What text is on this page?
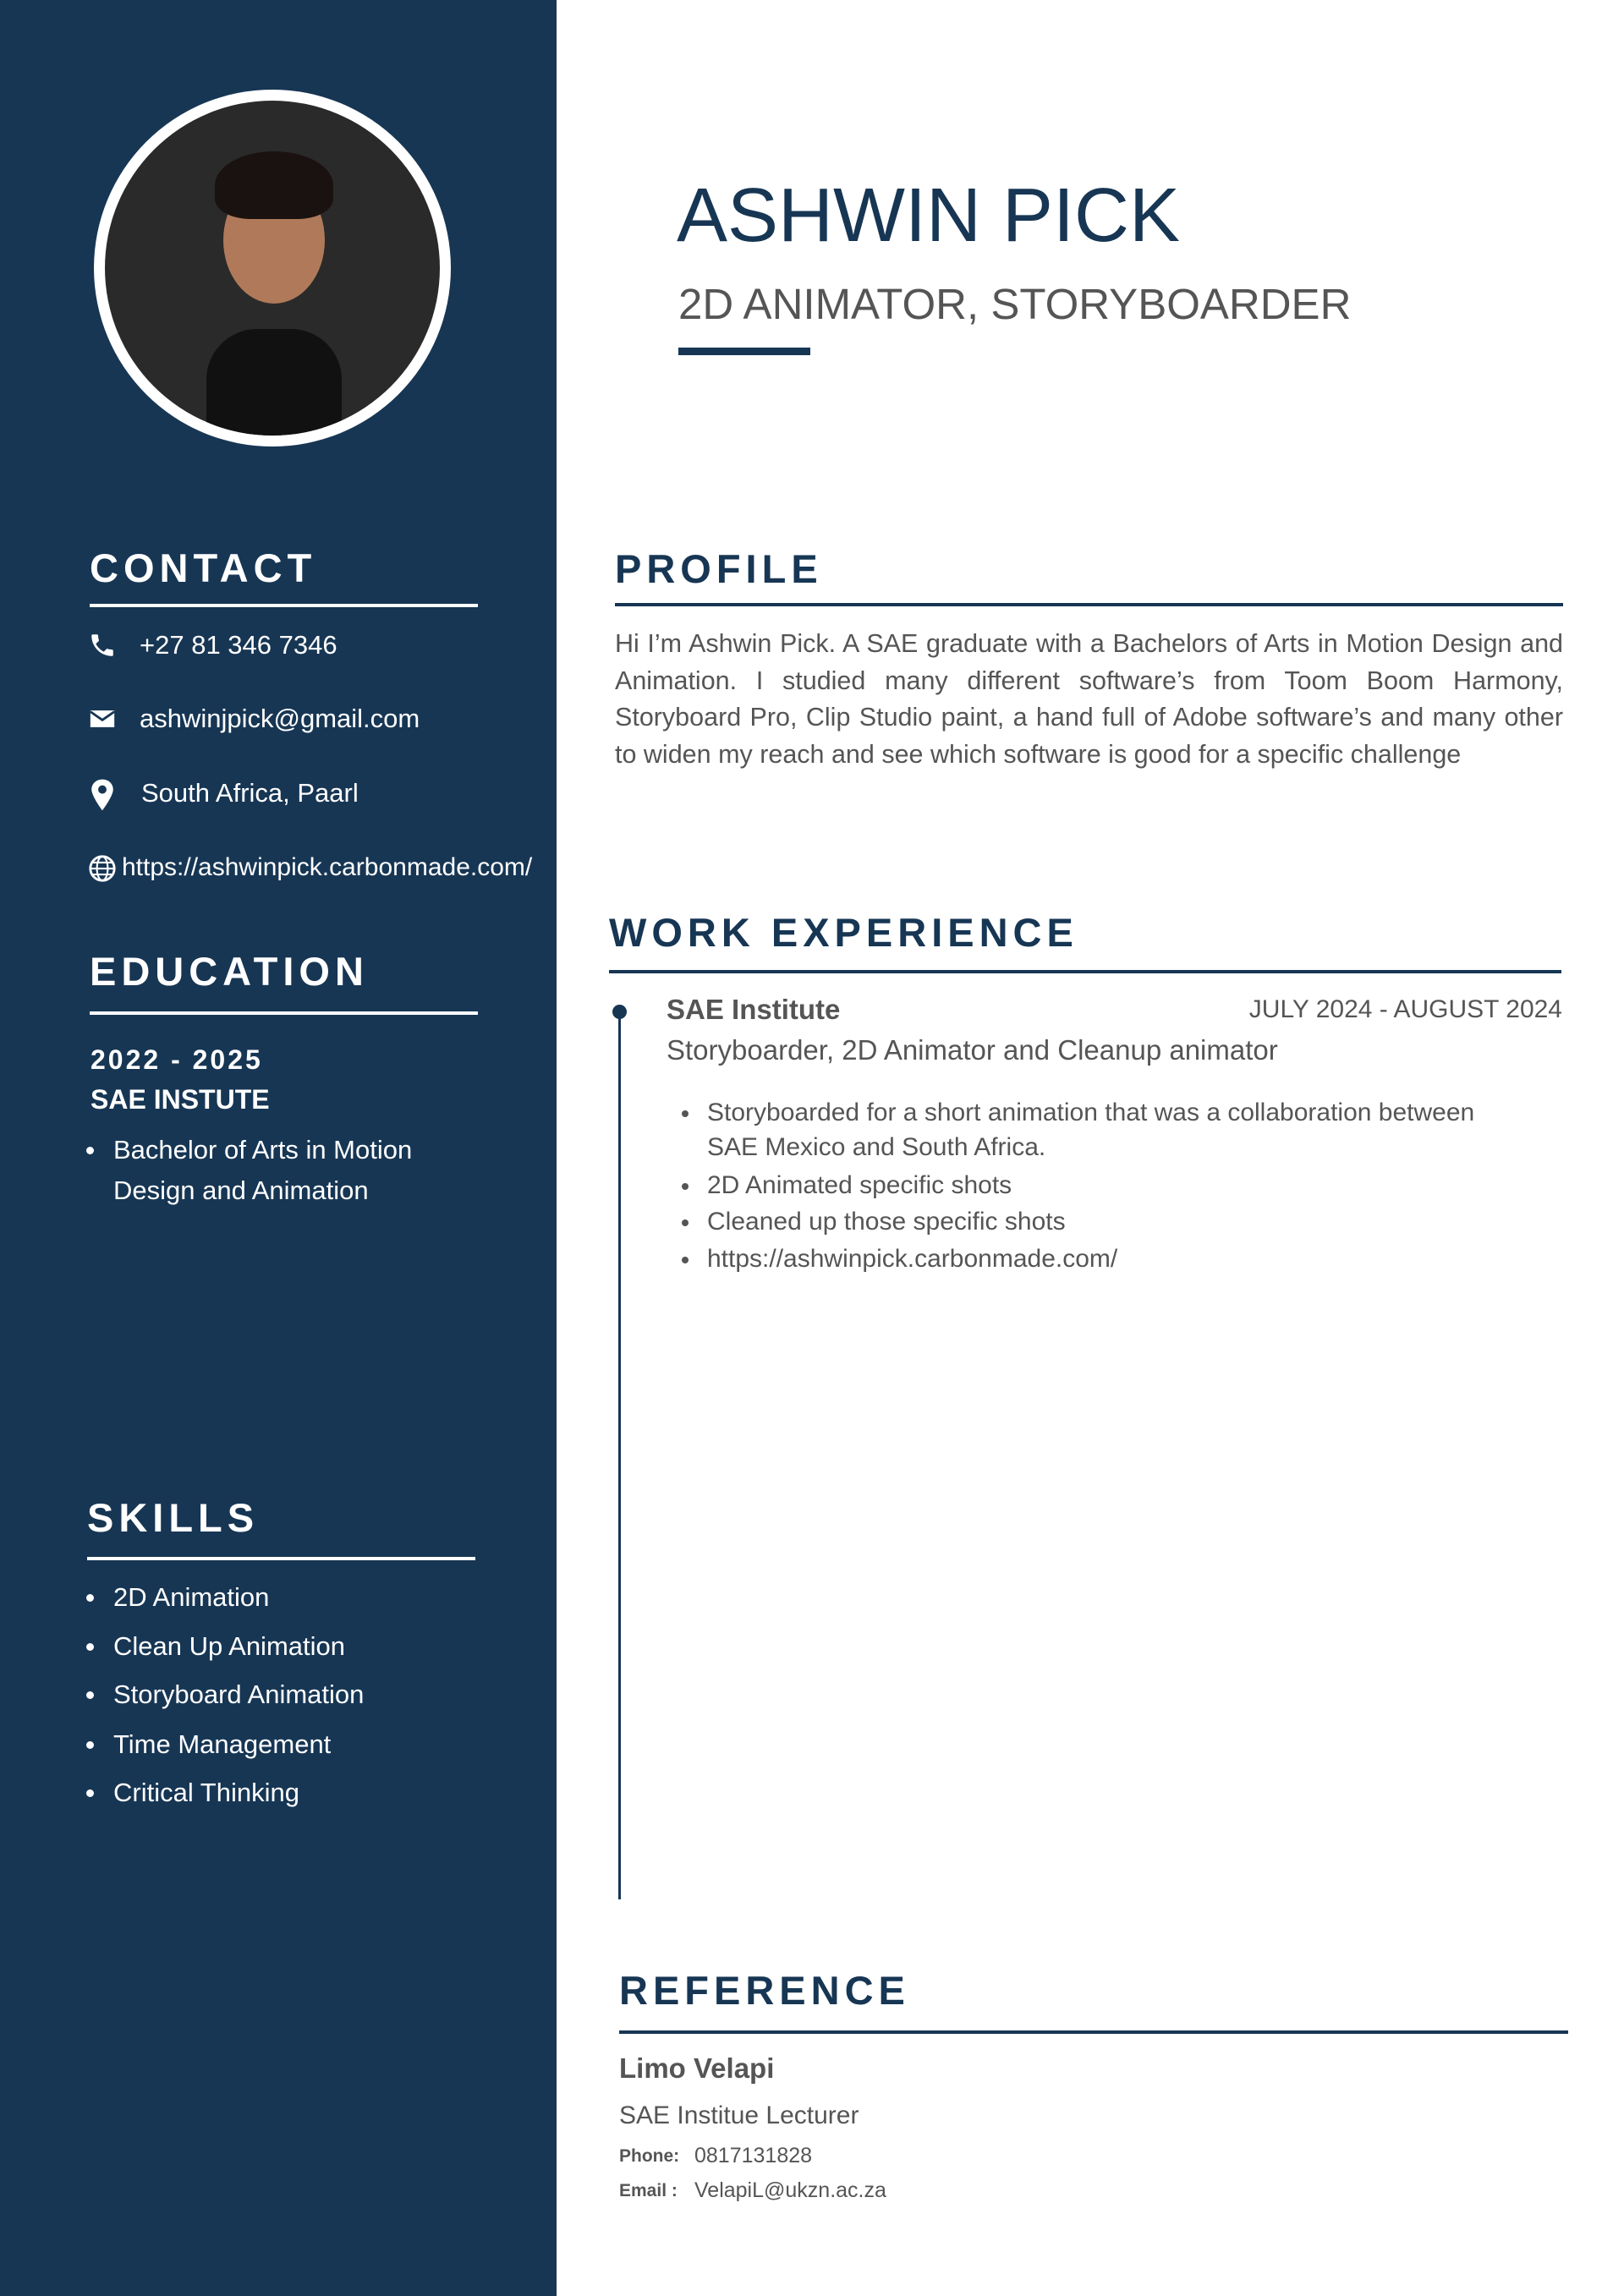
CONTACT
+27 81 346 7346
ashwinjpick@gmail.com
South Africa, Paarl
https://ashwinpick.carbonmade.com/
EDUCATION
2022 - 2025
SAE INSTUTE
Bachelor of Arts in Motion
Design and Animation
SKILLS
2D Animation
Clean Up Animation
Storyboard Animation
Time Management
Critical Thinking
ASHWIN PICK
2D ANIMATOR, STORYBOARDER
PROFILE
Hi I’m Ashwin Pick. A SAE graduate with a Bachelors of Arts in Motion Design and Animation. I studied many different software’s from Toom Boom Harmony, Storyboard Pro, Clip Studio paint, a hand full of Adobe software’s and many other to widen my reach and see which software is good for a specific challenge
WORK EXPERIENCE
SAE Institute	JULY 2024 - AUGUST 2024
Storyboarder, 2D Animator and Cleanup animator
Storyboarded for a short animation that was a collaboration between
SAE Mexico and South Africa.
2D Animated specific shots
Cleaned up those specific shots
https://ashwinpick.carbonmade.com/
REFERENCE
Limo Velapi
SAE Institue Lecturer
Phone: 0817131828
Email : VelapiL@ukzn.ac.za
